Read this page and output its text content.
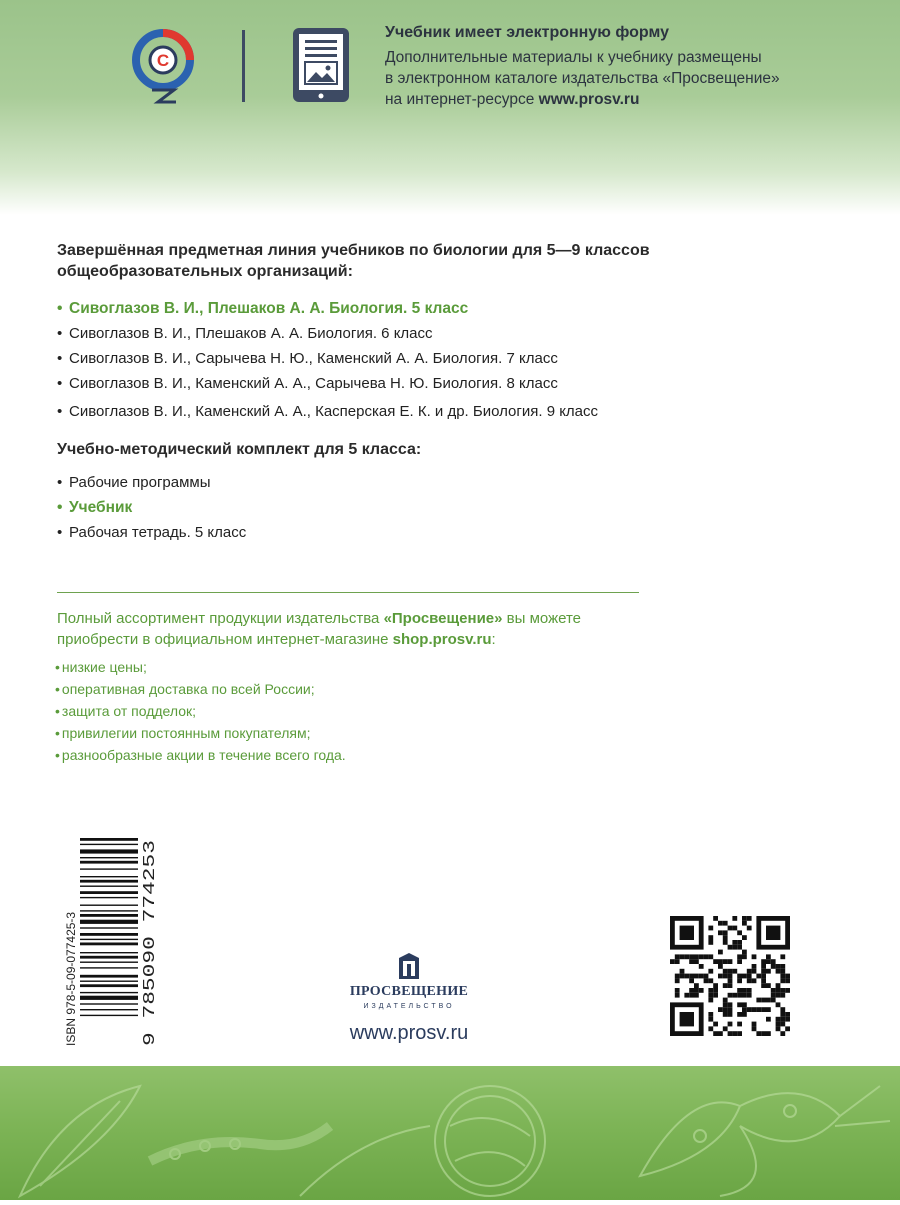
С
Учебник имеет электронную форму
Дополнительные материалы к учебнику размещены
в электронном каталоге издательства «Просвещение»
на интернет-ресурсе www.prosv.ru
Завершённая предметная линия учебников по биологии для 5—9 классов
общеобразовательных организаций:
• Сивоглазов В. И., Плешаков А. А. Биология. 5 класс
• Сивоглазов В. И., Плешаков А. А. Биология. 6 класс
• Сивоглазов В. И., Сарычева Н. Ю., Каменский А. А. Биология. 7 класс
• Сивоглазов В. И., Каменский А. А., Сарычева Н. Ю. Биология. 8 класс
• Сивоглазов В. И., Каменский А. А., Касперская Е. К. и др. Биология. 9 класс
Учебно-методический комплект для 5 класса:
• Рабочие программы
• Учебник
• Рабочая тетрадь. 5 класс
Полный ассортимент продукции издательства «Просвещение» вы можете
приобрести в официальном интернет-магазине shop.prosv.ru:
• низкие цены;
• оперативная доставка по всей России;
• защита от подделок;
• привилегии постоянным покупателям;
• разнообразные акции в течение всего года.
ISBN 978-5-09-077425-3	9 785090 774253	ПРОСВЕЩЕНИЕ
ИЗДАТЕЛЬСТВО
www.prosv.ru
